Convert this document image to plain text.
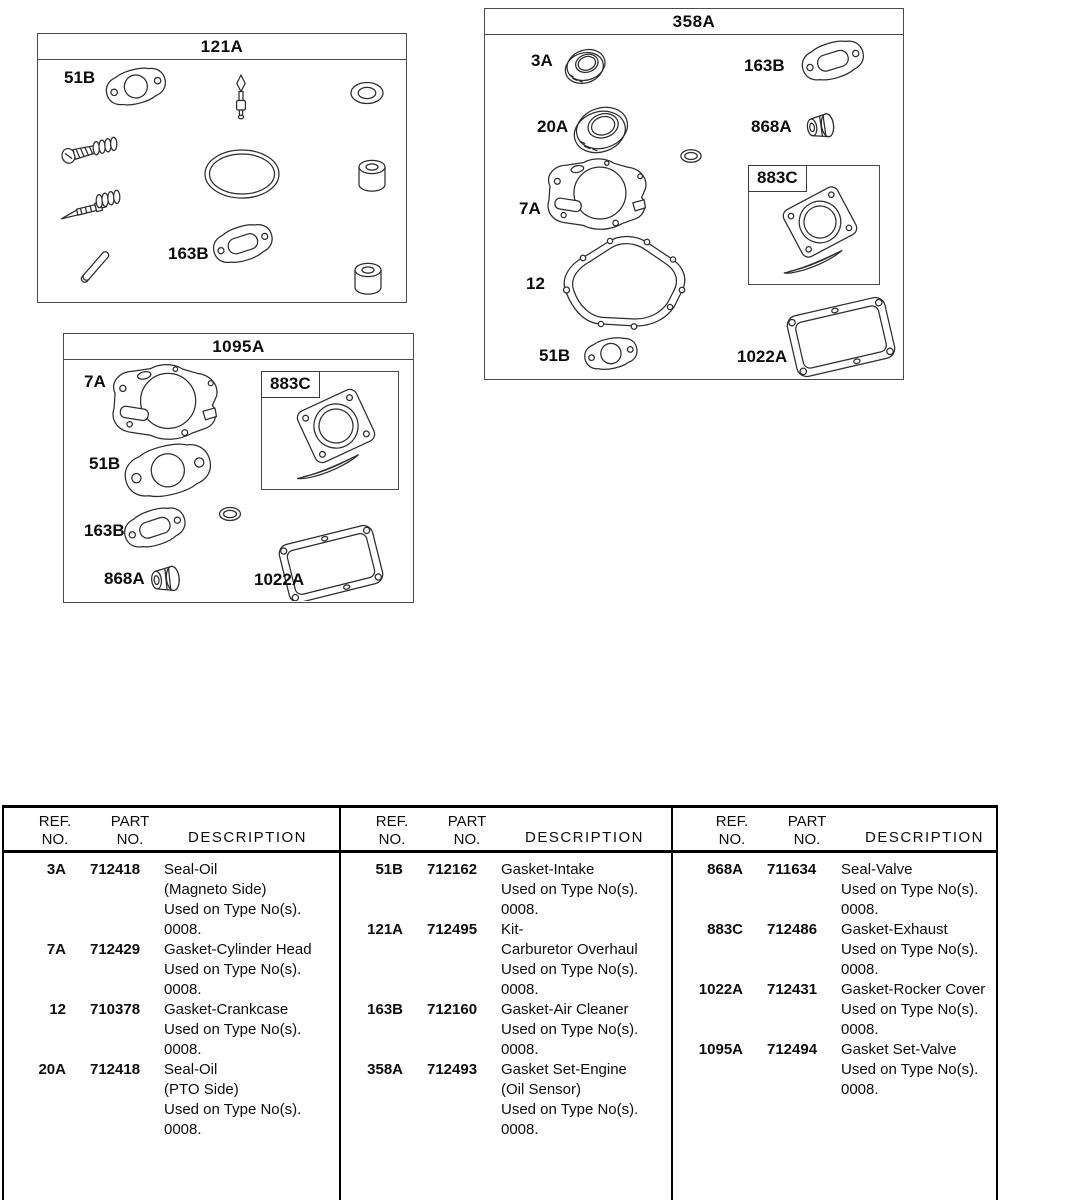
121A
51B
163B
358A
3A	163B
20A	868A
7A
12
51B	1022A
883C
1095A
7A
51B
163B
868A	1022A
883C
REF.
NO.
PART
NO.	DESCRIPTION
REF.
NO.
PART
NO.	DESCRIPTION
REF.
NO.
PART
NO.	DESCRIPTION
3A	712418	Seal-Oil
(Magneto Side)
Used on Type No(s).
0008.
7A	712429	Gasket-Cylinder Head
Used on Type No(s).
0008.
12	710378	Gasket-Crankcase
Used on Type No(s).
0008.
20A	712418	Seal-Oil
(PTO Side)
Used on Type No(s).
0008.
51B	712162	Gasket-Intake
Used on Type No(s).
0008.
121A	712495	Kit-
Carburetor Overhaul
Used on Type No(s).
0008.
163B	712160	Gasket-Air Cleaner
Used on Type No(s).
0008.
358A	712493	Gasket Set-Engine
(Oil Sensor)
Used on Type No(s).
0008.
868A	711634	Seal-Valve
Used on Type No(s).
0008.
883C	712486	Gasket-Exhaust
Used on Type No(s).
0008.
1022A	712431	Gasket-Rocker Cover
Used on Type No(s).
0008.
1095A	712494	Gasket Set-Valve
Used on Type No(s).
0008.
